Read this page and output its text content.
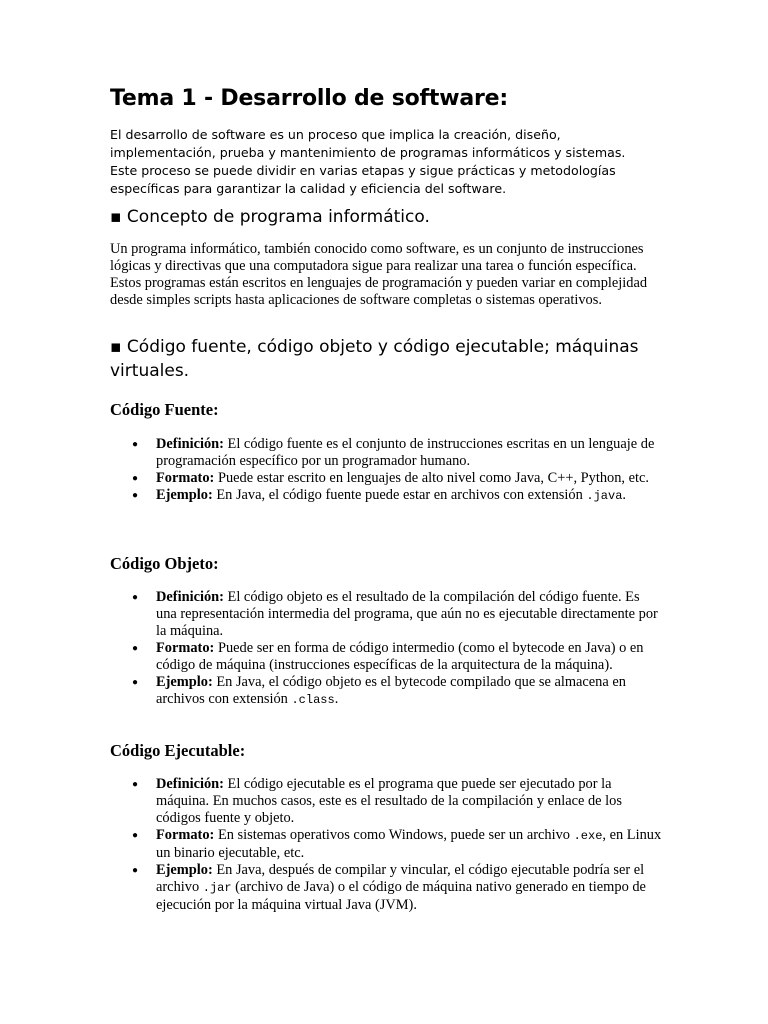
Tema 1 - Desarrollo de software:

El desarrollo de software es un proceso que implica la creación, diseño, implementación, prueba y mantenimiento de programas informáticos y sistemas. Este proceso se puede dividir en varias etapas y sigue prácticas y metodologías específicas para garantizar la calidad y eficiencia del software.

▪ Concepto de programa informático.

Un programa informático, también conocido como software, es un conjunto de instrucciones lógicas y directivas que una computadora sigue para realizar una tarea o función específica. Estos programas están escritos en lenguajes de programación y pueden variar en complejidad desde simples scripts hasta aplicaciones de software completas o sistemas operativos.

▪ Código fuente, código objeto y código ejecutable; máquinas virtuales.
Código Fuente:
● Definición: El código fuente es el conjunto de instrucciones escritas en un lenguaje de programación específico por un programador humano.
● Formato: Puede estar escrito en lenguajes de alto nivel como Java, C++, Python, etc.
● Ejemplo: En Java, el código fuente puede estar en archivos con extensión .java.
Código Objeto:
● Definición: El código objeto es el resultado de la compilación del código fuente. Es una representación intermedia del programa, que aún no es ejecutable directamente por la máquina.
● Formato: Puede ser en forma de código intermedio (como el bytecode en Java) o en código de máquina (instrucciones específicas de la arquitectura de la máquina).
● Ejemplo: En Java, el código objeto es el bytecode compilado que se almacena en archivos con extensión .class.
Código Ejecutable:
● Definición: El código ejecutable es el programa que puede ser ejecutado por la máquina. En muchos casos, este es el resultado de la compilación y enlace de los códigos fuente y objeto.
● Formato: En sistemas operativos como Windows, puede ser un archivo .exe, en Linux un binario ejecutable, etc.
● Ejemplo: En Java, después de compilar y vincular, el código ejecutable podría ser el archivo .jar (archivo de Java) o el código de máquina nativo generado en tiempo de ejecución por la máquina virtual Java (JVM).
